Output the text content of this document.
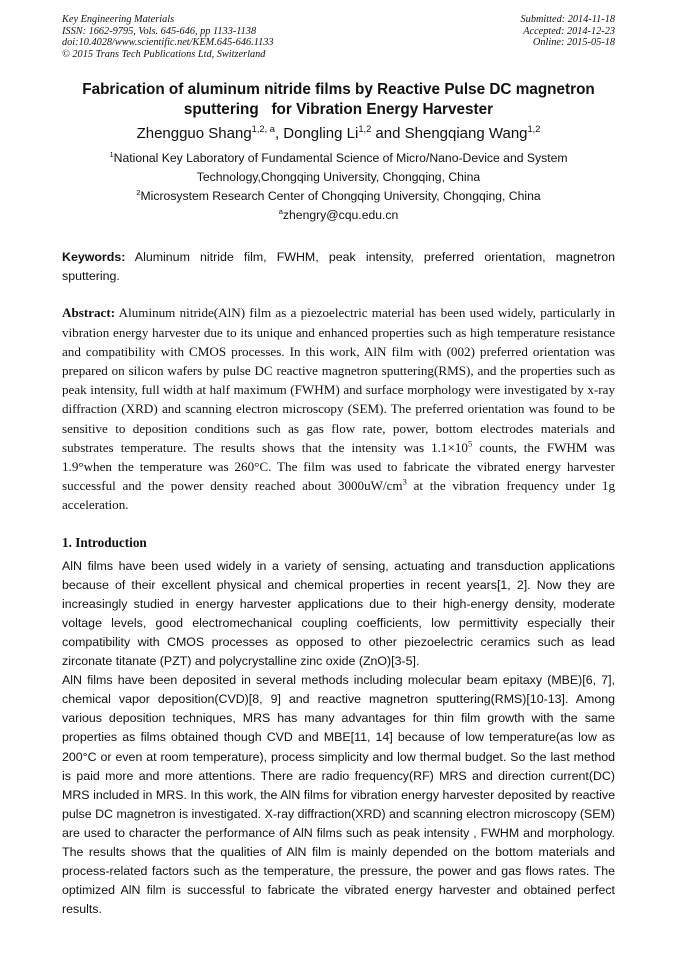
Key Engineering Materials
ISSN: 1662-9795, Vols. 645-646, pp 1133-1138
doi:10.4028/www.scientific.net/KEM.645-646.1133
© 2015 Trans Tech Publications Ltd, Switzerland
Submitted: 2014-11-18
Accepted: 2014-12-23
Online: 2015-05-18
Fabrication of aluminum nitride films by Reactive Pulse DC magnetron
sputtering   for Vibration Energy Harvester
Zhengguo Shang$^{1,2, a}$, Dongling Li$^{1,2}$ and Shengqiang Wang$^{1,2}$
$^1$National Key Laboratory of Fundamental Science of Micro/Nano-Device and System
Technology,Chongqing University, Chongqing, China
$^2$Microsystem Research Center of Chongqing University, Chongqing, China
$^a$zhengry@cqu.edu.cn
Keywords: Aluminum nitride film, FWHM, peak intensity, preferred orientation, magnetron sputtering.
Abstract: Aluminum nitride(AlN) film as a piezoelectric material has been used widely, particularly in vibration energy harvester due to its unique and enhanced properties such as high temperature resistance and compatibility with CMOS processes. In this work, AlN film with (002) preferred orientation was prepared on silicon wafers by pulse DC reactive magnetron sputtering(RMS), and the properties such as peak intensity, full width at half maximum (FWHM) and surface morphology were investigated by x-ray diffraction (XRD) and scanning electron microscopy (SEM). The preferred orientation was found to be sensitive to deposition conditions such as gas flow rate, power, bottom electrodes materials and substrates temperature. The results shows that the intensity was $1.1\times 10^5$ counts, the FWHM was 1.9°when the temperature was 260°C. The film was used to fabricate the vibrated energy harvester successful and the power density reached about $3000uW/cm^3$ at the vibration frequency under 1g acceleration.
1. Introduction
AlN films have been used widely in a variety of sensing, actuating and transduction applications because of their excellent physical and chemical properties in recent years[1, 2]. Now they are increasingly studied in energy harvester applications due to their high-energy density, moderate voltage levels, good electromechanical coupling coefficients, low permittivity especially their compatibility with CMOS processes as opposed to other piezoelectric ceramics such as lead zirconate titanate (PZT) and polycrystalline zinc oxide (ZnO)[3-5].
AlN films have been deposited in several methods including molecular beam epitaxy (MBE)[6, 7], chemical vapor deposition(CVD)[8, 9] and reactive magnetron sputtering(RMS)[10-13]. Among various deposition techniques, MRS has many advantages for thin film growth with the same properties as films obtained though CVD and MBE[11, 14] because of low temperature(as low as 200°C or even at room temperature), process simplicity and low thermal budget. So the last method is paid more and more attentions. There are radio frequency(RF) MRS and direction current(DC) MRS included in MRS. In this work, the AlN films for vibration energy harvester deposited by reactive pulse DC magnetron is investigated. X-ray diffraction(XRD) and scanning electron microscopy (SEM) are used to character the performance of AlN films such as peak intensity , FWHM and morphology. The results shows that the qualities of AlN film is mainly depended on the bottom materials and process-related factors such as the temperature, the pressure, the power and gas flows rates. The optimized AlN film is successful to fabricate the vibrated energy harvester and obtained perfect results.
